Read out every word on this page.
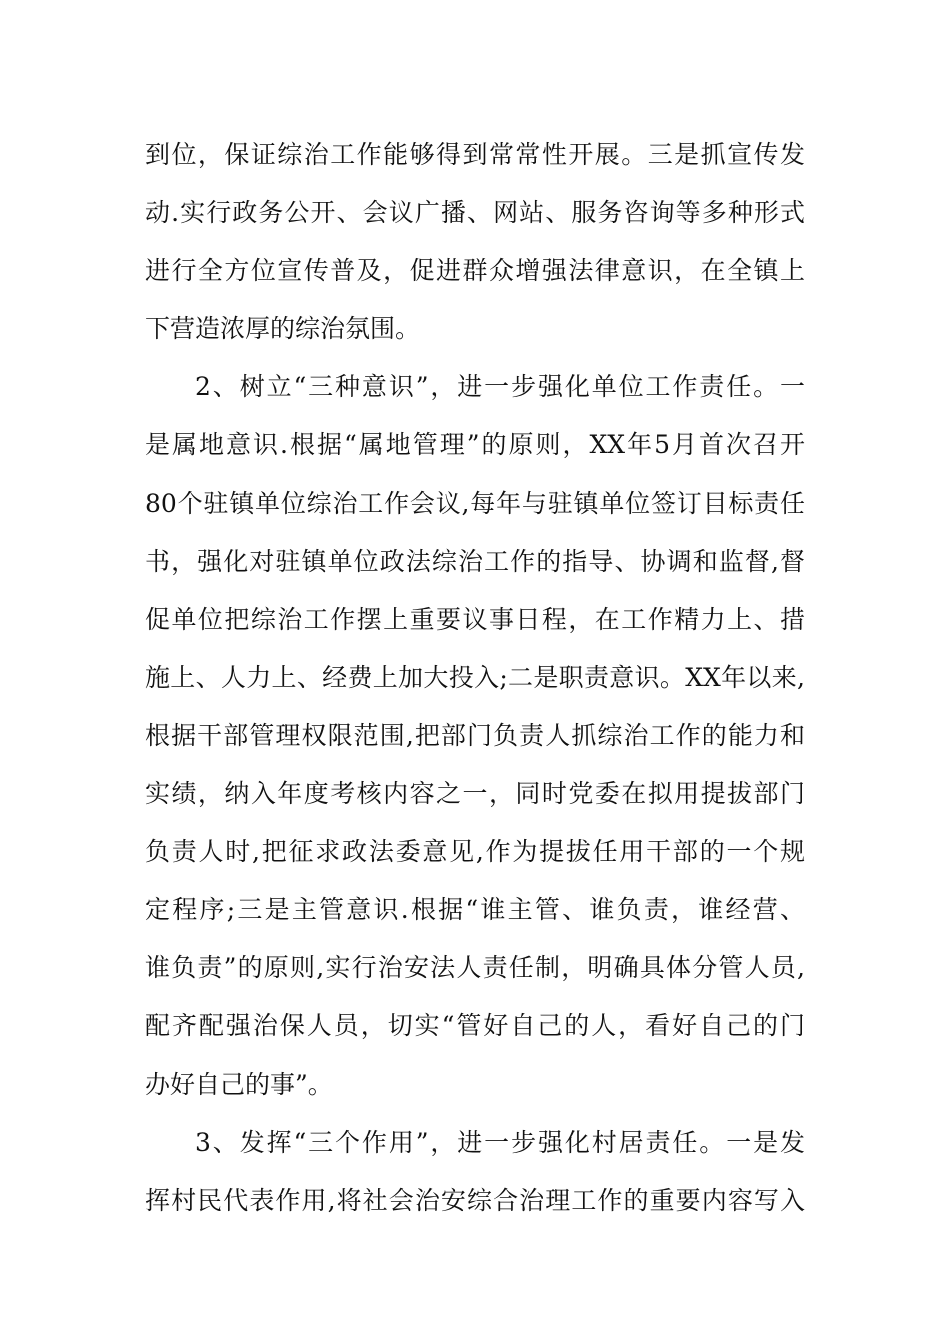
到位，保证综治工作能够得到常常性开展。三是抓宣传发
动.实行政务公开、会议广播、网站、服务咨询等多种形式
进行全方位宣传普及，促进群众增强法律意识，在全镇上
下营造浓厚的综治氛围。
2、树立“三种意识”，进一步强化单位工作责任。一
是属地意识.根据“属地管理”的原则，XX年5月首次召开
80个驻镇单位综治工作会议,每年与驻镇单位签订目标责任
书，强化对驻镇单位政法综治工作的指导、协调和监督,督
促单位把综治工作摆上重要议事日程，在工作精力上、措
施上、人力上、经费上加大投入;二是职责意识。XX年以来,
根据干部管理权限范围,把部门负责人抓综治工作的能力和
实绩，纳入年度考核内容之一，同时党委在拟用提拔部门
负责人时,把征求政法委意见,作为提拔任用干部的一个规
定程序;三是主管意识.根据“谁主管、谁负责，谁经营、
谁负责”的原则,实行治安法人责任制，明确具体分管人员,
配齐配强治保人员，切实“管好自己的人，看好自己的门
办好自己的事”。
3、发挥“三个作用”，进一步强化村居责任。一是发
挥村民代表作用,将社会治安综合治理工作的重要内容写入
